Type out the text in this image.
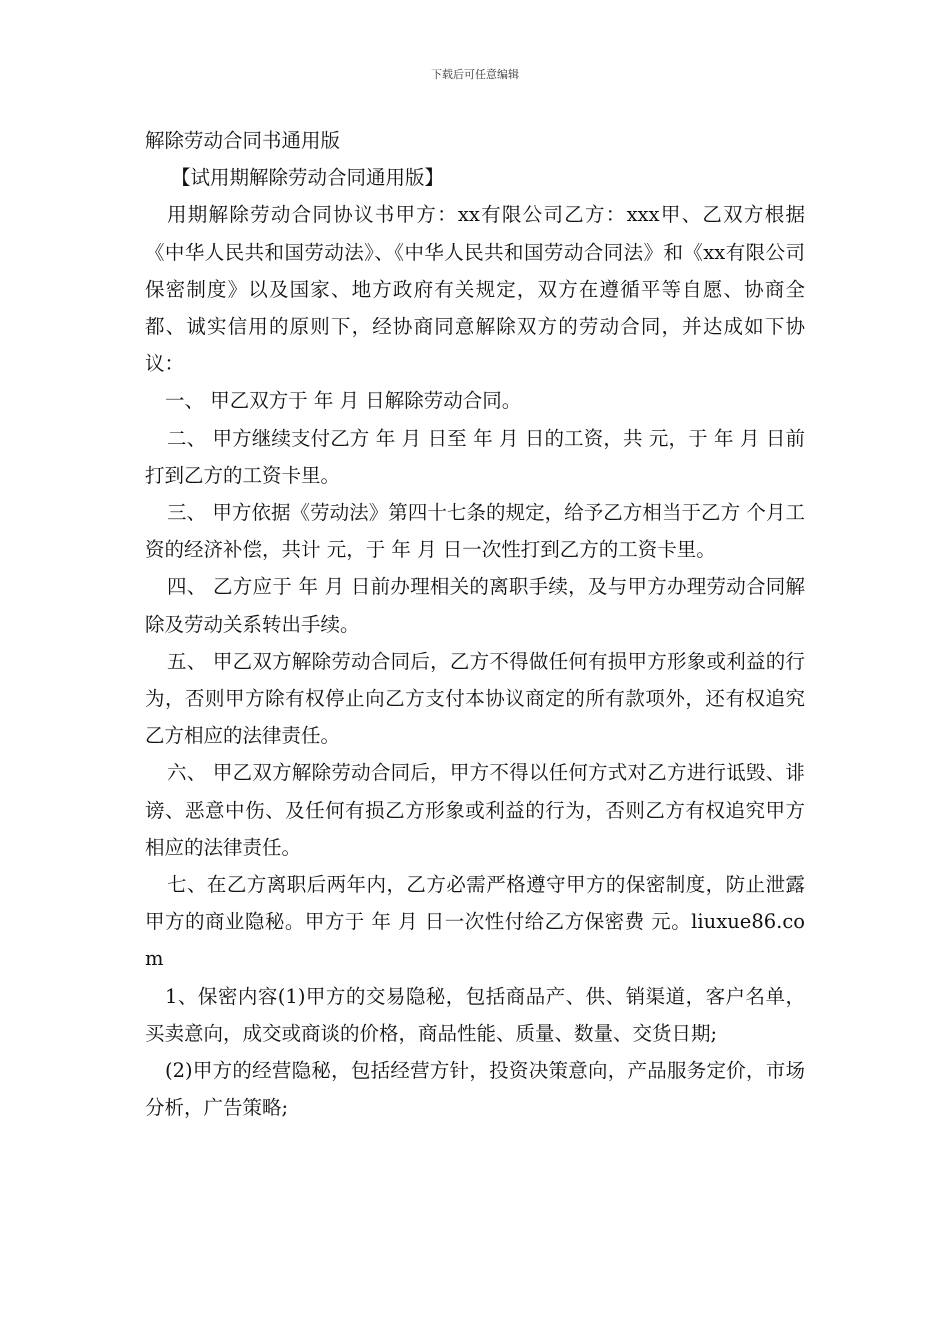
下载后可任意编辑

解除劳动合同书通用版

【试用期解除劳动合同通用版】

用期解除劳动合同协议书甲方：xx有限公司乙方：xxx甲、乙双方根据《中华人民共和国劳动法》、《中华人民共和国劳动合同法》和《xx有限公司保密制度》以及国家、地方政府有关规定，双方在遵循平等自愿、协商全都、诚实信用的原则下，经协商同意解除双方的劳动合同，并达成如下协议：

一、 甲乙双方于 年 月 日解除劳动合同。

二、 甲方继续支付乙方 年 月 日至 年 月 日的工资，共 元，于 年 月 日前打到乙方的工资卡里。

三、 甲方依据《劳动法》第四十七条的规定，给予乙方相当于乙方 个月工资的经济补偿，共计 元，于 年 月 日一次性打到乙方的工资卡里。

四、 乙方应于 年 月 日前办理相关的离职手续，及与甲方办理劳动合同解除及劳动关系转出手续。

五、 甲乙双方解除劳动合同后，乙方不得做任何有损甲方形象或利益的行为，否则甲方除有权停止向乙方支付本协议商定的所有款项外，还有权追究乙方相应的法律责任。

六、 甲乙双方解除劳动合同后，甲方不得以任何方式对乙方进行诋毁、诽谤、恶意中伤、及任何有损乙方形象或利益的行为，否则乙方有权追究甲方相应的法律责任。

七、在乙方离职后两年内，乙方必需严格遵守甲方的保密制度，防止泄露甲方的商业隐秘。甲方于 年 月 日一次性付给乙方保密费 元。liuxue86.com

1、保密内容(1)甲方的交易隐秘，包括商品产、供、销渠道，客户名单，买卖意向，成交或商谈的价格，商品性能、质量、数量、交货日期;

(2)甲方的经营隐秘，包括经营方针，投资决策意向，产品服务定价，市场分析，广告策略;
